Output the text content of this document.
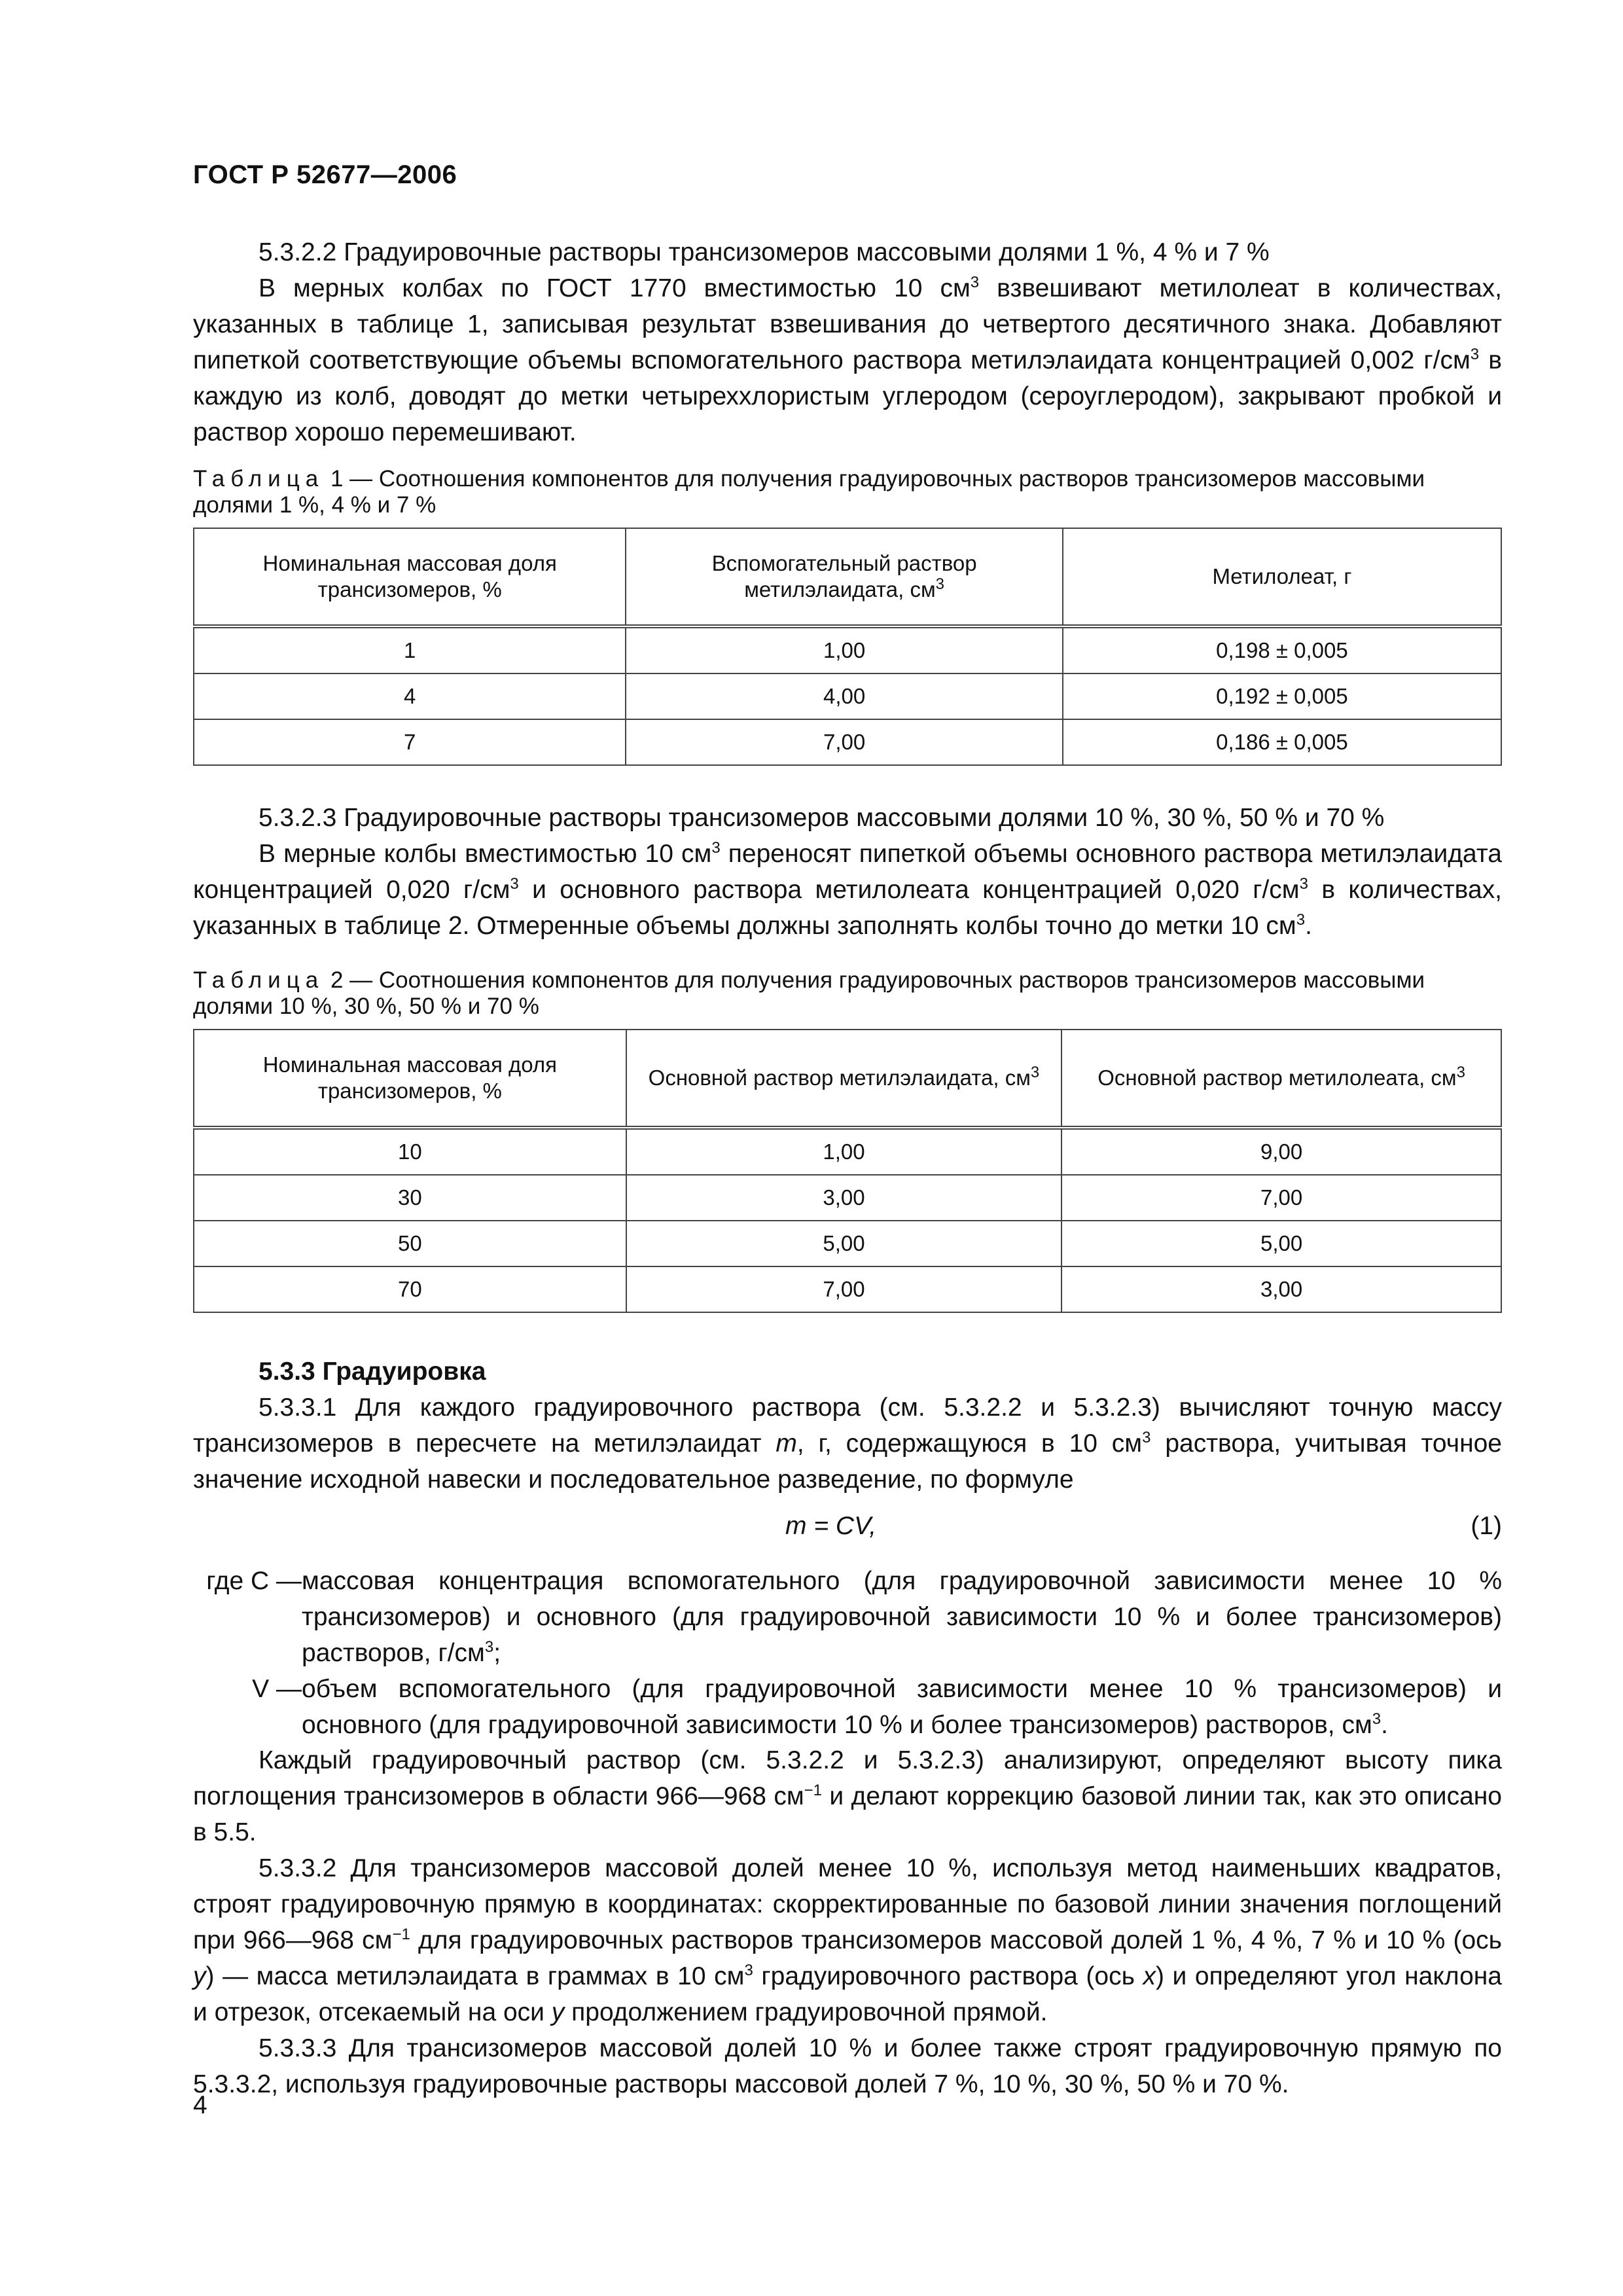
ГОСТ Р 52677—2006

5.3.2.2 Градуировочные растворы трансизомеров массовыми долями 1 %, 4 % и 7 %

В мерных колбах по ГОСТ 1770 вместимостью 10 $см^3$ взвешивают метилолеат в количествах, указанных в таблице 1, записывая результат взвешивания до четвертого десятичного знака. Добавляют пипеткой соответствующие объемы вспомогательного раствора метилэлаидата концентрацией 0,002 $г/см^3$ в каждую из колб, доводят до метки четыреххлористым углеродом (сероуглеродом), закрывают пробкой и раствор хорошо перемешивают.

Таблица 1 — Соотношения компонентов для получения градуировочных растворов трансизомеров массовыми долями 1 %, 4 % и 7 %
Номинальная массовая доля трансизомеров, %	Вспомогательный раствор метилэлаидата, $см^3$	Метилолеат, г
1	1,00	0,198 ± 0,005
4	4,00	0,192 ± 0,005
7	7,00	0,186 ± 0,005

5.3.2.3 Градуировочные растворы трансизомеров массовыми долями 10 %, 30 %, 50 % и 70 %

В мерные колбы вместимостью 10 $см^3$ переносят пипеткой объемы основного раствора метилэлаидата концентрацией 0,020 $г/см^3$ и основного раствора метилолеата концентрацией 0,020 $г/см^3$ в количествах, указанных в таблице 2. Отмеренные объемы должны заполнять колбы точно до метки 10 $см^3$.

Таблица 2 — Соотношения компонентов для получения градуировочных растворов трансизомеров массовыми долями 10 %, 30 %, 50 % и 70 %
Номинальная массовая доля трансизомеров, %	Основной раствор метилэлаидата, $см^3$	Основной раствор метилолеата, $см^3$
10	1,00	9,00
30	3,00	7,00
50	5,00	5,00
70	7,00	3,00

5.3.3 Градуировка

5.3.3.1 Для каждого градуировочного раствора (см. 5.3.2.2 и 5.3.2.3) вычисляют точную массу трансизомеров в пересчете на метилэлаидат m, г, содержащуюся в 10 $см^3$ раствора, учитывая точное значение исходной навески и последовательное разведение, по формуле

m = CV,	(1)
где C — массовая концентрация вспомогательного (для градуировочной зависимости менее 10 % трансизомеров) и основного (для градуировочной зависимости 10 % и более трансизомеров) растворов, $г/см^3$;
V — объем вспомогательного (для градуировочной зависимости менее 10 % трансизомеров) и основного (для градуировочной зависимости 10 % и более трансизомеров) растворов, $см^3$.

Каждый градуировочный раствор (см. 5.3.2.2 и 5.3.2.3) анализируют, определяют высоту пика поглощения трансизомеров в области 966—968 $см^{-1}$ и делают коррекцию базовой линии так, как это описано в 5.5.

5.3.3.2 Для трансизомеров массовой долей менее 10 %, используя метод наименьших квадратов, строят градуировочную прямую в координатах: скорректированные по базовой линии значения поглощений при 966—968 $см^{-1}$ для градуировочных растворов трансизомеров массовой долей 1 %, 4 %, 7 % и 10 % (ось y) — масса метилэлаидата в граммах в 10 $см^3$ градуировочного раствора (ось x) и определяют угол наклона и отрезок, отсекаемый на оси y продолжением градуировочной прямой.

5.3.3.3 Для трансизомеров массовой долей 10 % и более также строят градуировочную прямую по 5.3.3.2, используя градуировочные растворы массовой долей 7 %, 10 %, 30 %, 50 % и 70 %.

4
